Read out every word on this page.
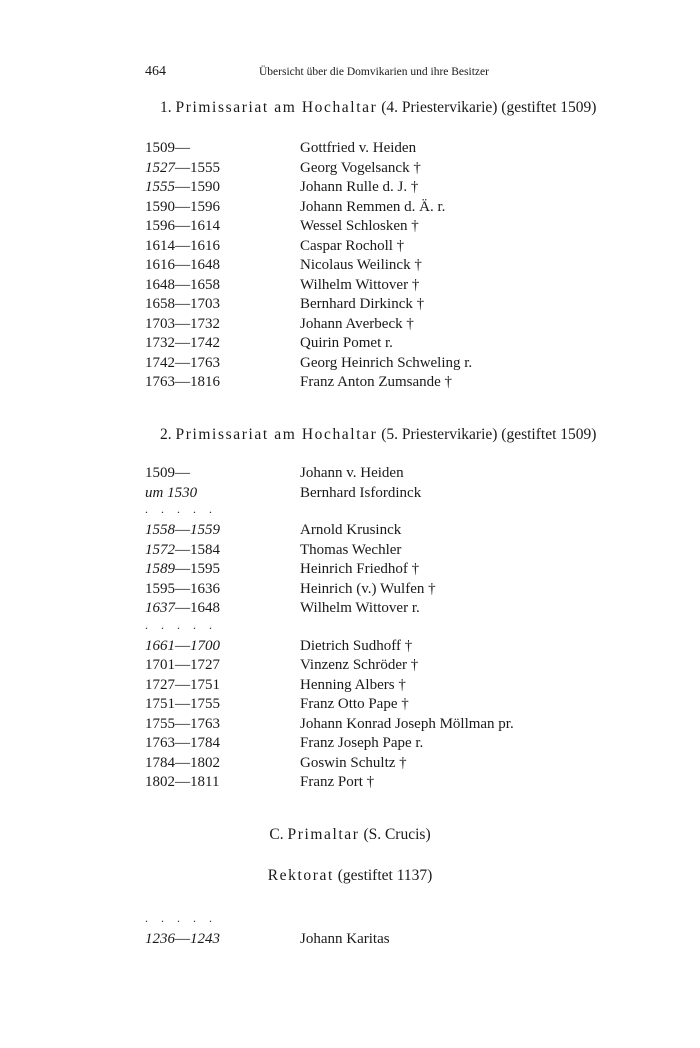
464	Übersicht über die Domvikarien und ihre Besitzer
1. Primissariat am Hochaltar (4. Priestervikarie) (gestiftet 1509)
1509—	Gottfried v. Heiden
1527—1555	Georg Vogelsanck †
1555—1590	Johann Rulle d. J. †
1590—1596	Johann Remmen d. Ä. r.
1596—1614	Wessel Schlosken †
1614—1616	Caspar Rocholl †
1616—1648	Nicolaus Weilinck †
1648—1658	Wilhelm Wittover †
1658—1703	Bernhard Dirkinck †
1703—1732	Johann Averbeck †
1732—1742	Quirin Pomet r.
1742—1763	Georg Heinrich Schweling r.
1763—1816	Franz Anton Zumsande †
2. Primissariat am Hochaltar (5. Priestervikarie) (gestiftet 1509)
1509—	Johann v. Heiden
um 1530	Bernhard Isfordinck
. . . . .
1558—1559	Arnold Krusinck
1572—1584	Thomas Wechler
1589—1595	Heinrich Friedhof †
1595—1636	Heinrich (v.) Wulfen †
1637—1648	Wilhelm Wittover r.
. . . . .
1661—1700	Dietrich Sudhoff †
1701—1727	Vinzenz Schröder †
1727—1751	Henning Albers †
1751—1755	Franz Otto Pape †
1755—1763	Johann Konrad Joseph Möllman pr.
1763—1784	Franz Joseph Pape r.
1784—1802	Goswin Schultz †
1802—1811	Franz Port †
C. Primaltar (S. Crucis)
Rektorat (gestiftet 1137)
. . . . .
1236—1243	Johann Karitas
